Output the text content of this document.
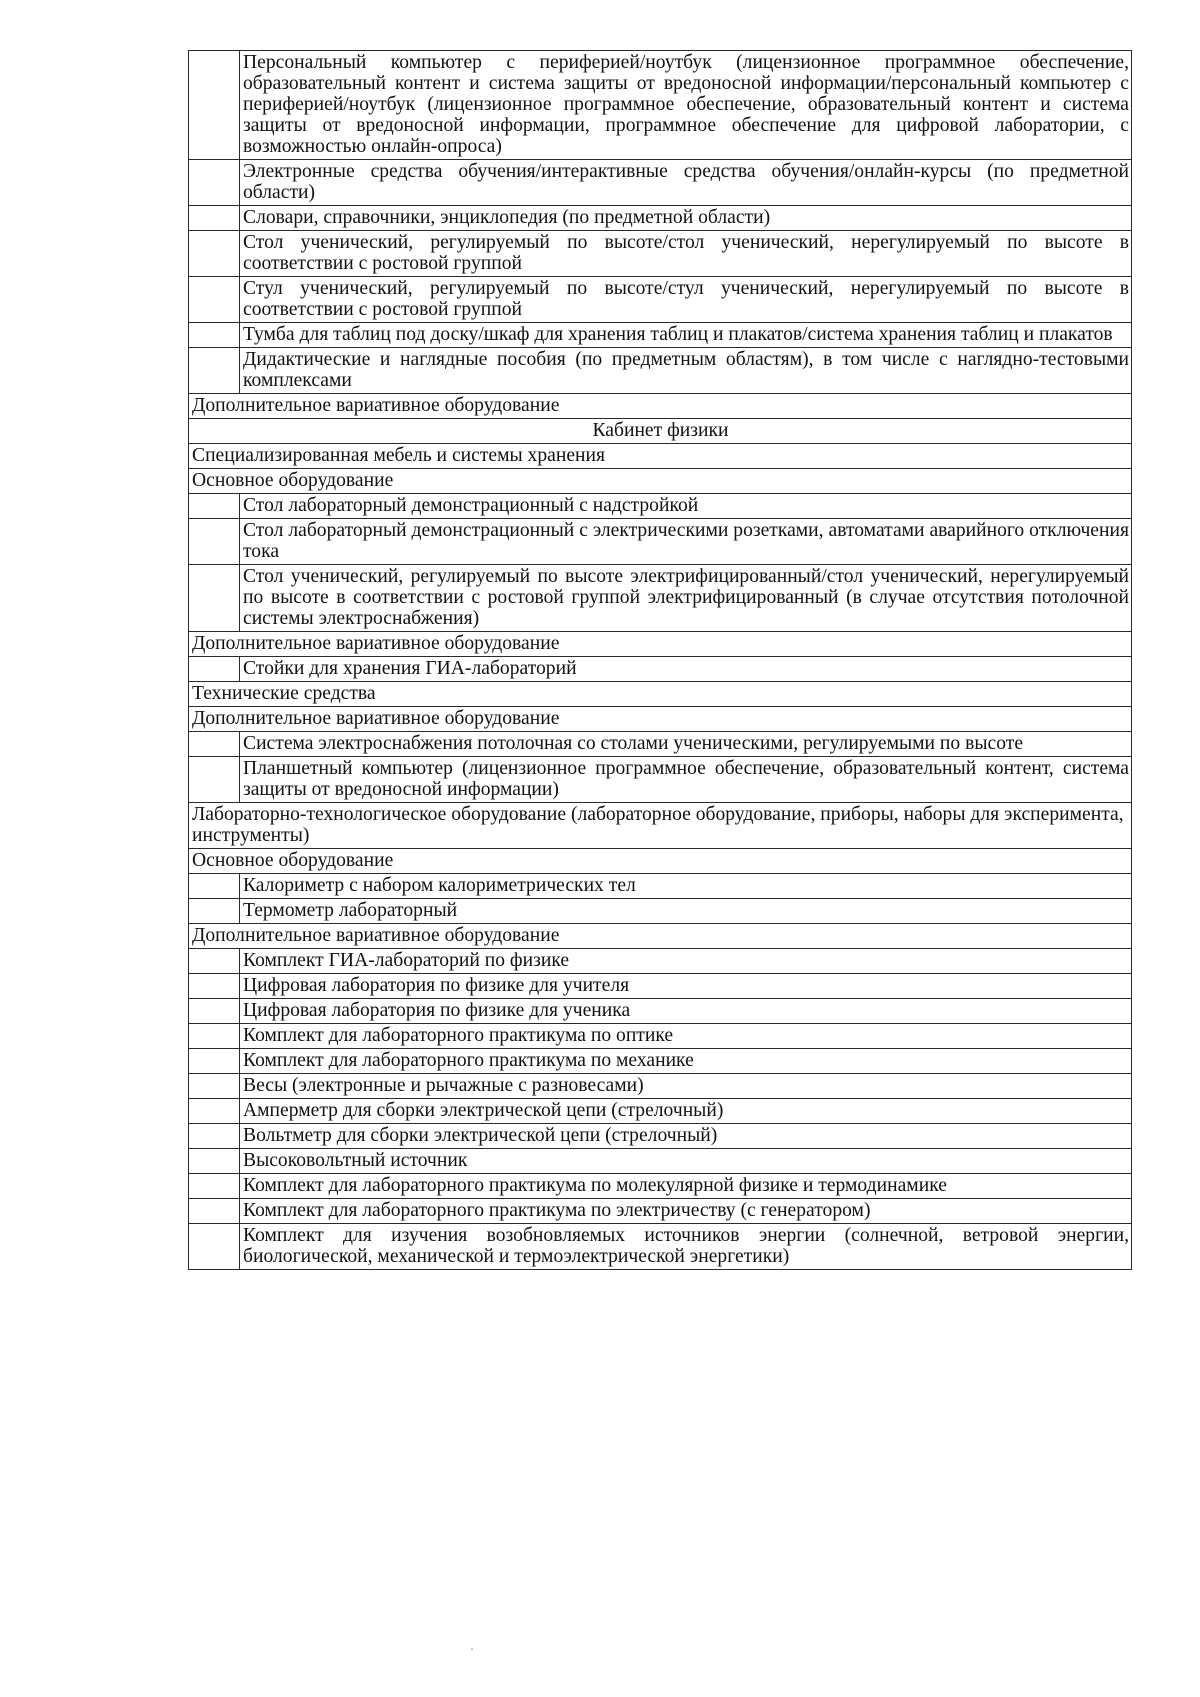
	Персональный компьютер с периферией/ноутбук (лицензионное программное обеспечение, образовательный контент и система защиты от вредоносной информации/персональный компьютер с периферией/ноутбук (лицензионное программное обеспечение, образовательный контент и система защиты от вредоносной информации, программное обеспечение для цифровой лаборатории, с возможностью онлайн-опроса)
	Электронные средства обучения/интерактивные средства обучения/онлайн-курсы (по предметной области)
	Словари, справочники, энциклопедия (по предметной области)
	Стол ученический, регулируемый по высоте/стол ученический, нерегулируемый по высоте в соответствии с ростовой группой
	Стул ученический, регулируемый по высоте/стул ученический, нерегулируемый по высоте в соответствии с ростовой группой
	Тумба для таблиц под доску/шкаф для хранения таблиц и плакатов/система хранения таблиц и плакатов
	Дидактические и наглядные пособия (по предметным областям), в том числе с наглядно-тестовыми комплексами
Дополнительное вариативное оборудование	
Кабинет физики	
Специализированная мебель и системы хранения	
Основное оборудование	
	Стол лабораторный демонстрационный с надстройкой
	Стол лабораторный демонстрационный с электрическими розетками, автоматами аварийного отключения тока
	Стол ученический, регулируемый по высоте электрифицированный/стол ученический, нерегулируемый по высоте в соответствии с ростовой группой электрифицированный (в случае отсутствия потолочной системы электроснабжения)
Дополнительное вариативное оборудование	
	Стойки для хранения ГИА-лабораторий
Технические средства	
Дополнительное вариативное оборудование	
	Система электроснабжения потолочная со столами ученическими, регулируемыми по высоте
	Планшетный компьютер (лицензионное программное обеспечение, образовательный контент, система защиты от вредоносной информации)
Лабораторно-технологическое оборудование (лабораторное оборудование, приборы, наборы для эксперимента, инструменты)	
Основное оборудование	
	Калориметр с набором калориметрических тел
	Термометр лабораторный
Дополнительное вариативное оборудование	
	Комплект ГИА-лабораторий по физике
	Цифровая лаборатория по физике для учителя
	Цифровая лаборатория по физике для ученика
	Комплект для лабораторного практикума по оптике
	Комплект для лабораторного практикума по механике
	Весы (электронные и рычажные с разновесами)
	Амперметр для сборки электрической цепи (стрелочный)
	Вольтметр для сборки электрической цепи (стрелочный)
	Высоковольтный источник
	Комплект для лабораторного практикума по молекулярной физике и термодинамике
	Комплект для лабораторного практикума по электричеству (с генератором)
	Комплект для изучения возобновляемых источников энергии (солнечной, ветровой энергии, биологической, механической и термоэлектрической энергетики)
